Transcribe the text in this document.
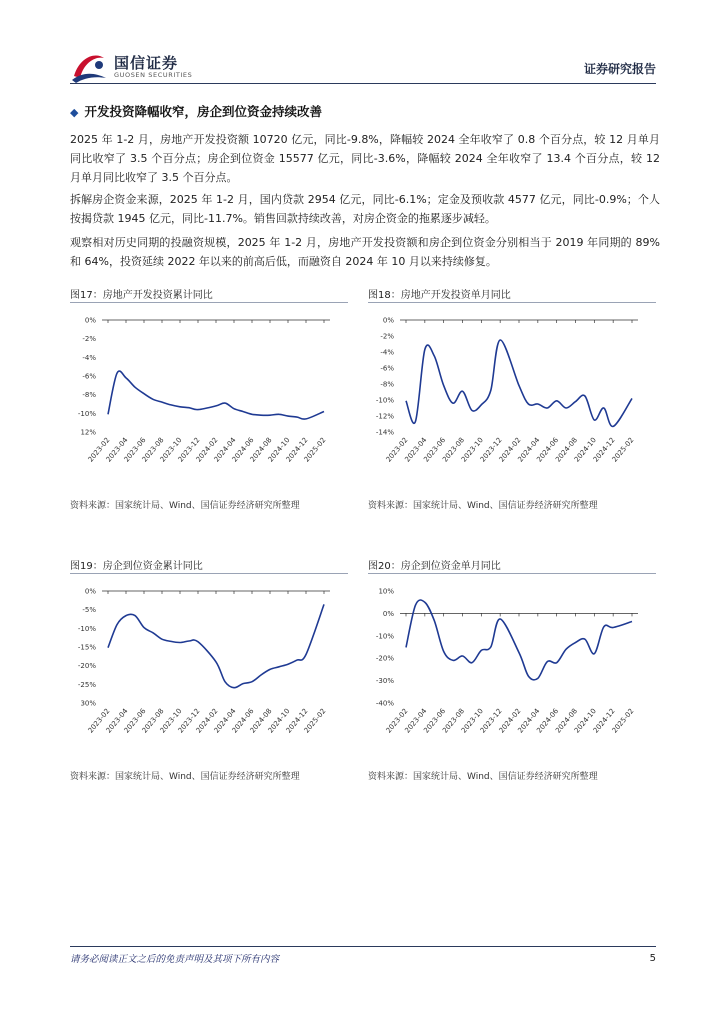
国信证券
GUOSEN SECURITIES	证券研究报告
◆ 开发投资降幅收窄，房企到位资金持续改善

2025 年 1-2 月，房地产开发投资额 10720 亿元，同比-9.8%，降幅较 2024 全年收窄了 0.8 个百分点，较 12 月单月同比收窄了 3.5 个百分点；房企到位资金 15577 亿元，同比-3.6%，降幅较 2024 全年收窄了 13.4 个百分点，较 12 月单月同比收窄了 3.5 个百分点。

拆解房企资金来源，2025 年 1-2 月，国内贷款 2954 亿元，同比-6.1%；定金及预收款 4577 亿元，同比-0.9%；个人按揭贷款 1945 亿元，同比-11.7%。销售回款持续改善，对房企资金的拖累逐步减轻。

观察相对历史同期的投融资规模，2025 年 1-2 月，房地产开发投资额和房企到位资金分别相当于 2019 年同期的 89%和 64%，投资延续 2022 年以来的前高后低，而融资自 2024 年 10 月以来持续修复。

图17：房地产开发投资累计同比
0%
-2%
-4%
-6%
-8%
-10%
12%
2023-02
2023-04
2023-06
2023-08
2023-10
2023-12
2024-02
2024-04
2024-06
2024-08
2024-10
2024-12
2025-02
资料来源：国家统计局、Wind、国信证券经济研究所整理
图18：房地产开发投资单月同比
0%
-2%
-4%
-6%
-8%
-10%
-12%
-14%
2023-02
2023-04
2023-06
2023-08
2023-10
2023-12
2024-02
2024-04
2024-06
2024-08
2024-10
2024-12
2025-02
资料来源：国家统计局、Wind、国信证券经济研究所整理
图19：房企到位资金累计同比
0%
-5%
-10%
-15%
-20%
-25%
30%
2023-02
2023-04
2023-06
2023-08
2023-10
2023-12
2024-02
2024-04
2024-06
2024-08
2024-10
2024-12
2025-02
资料来源：国家统计局、Wind、国信证券经济研究所整理
图20：房企到位资金单月同比
10%
0%
-10%
-20%
-30%
-40%
2023-02
2023-04
2023-06
2023-08
2023-10
2023-12
2024-02
2024-04
2024-06
2024-08
2024-10
2024-12
2025-02
资料来源：国家统计局、Wind、国信证券经济研究所整理
请务必阅读正文之后的免责声明及其项下所有内容	5
